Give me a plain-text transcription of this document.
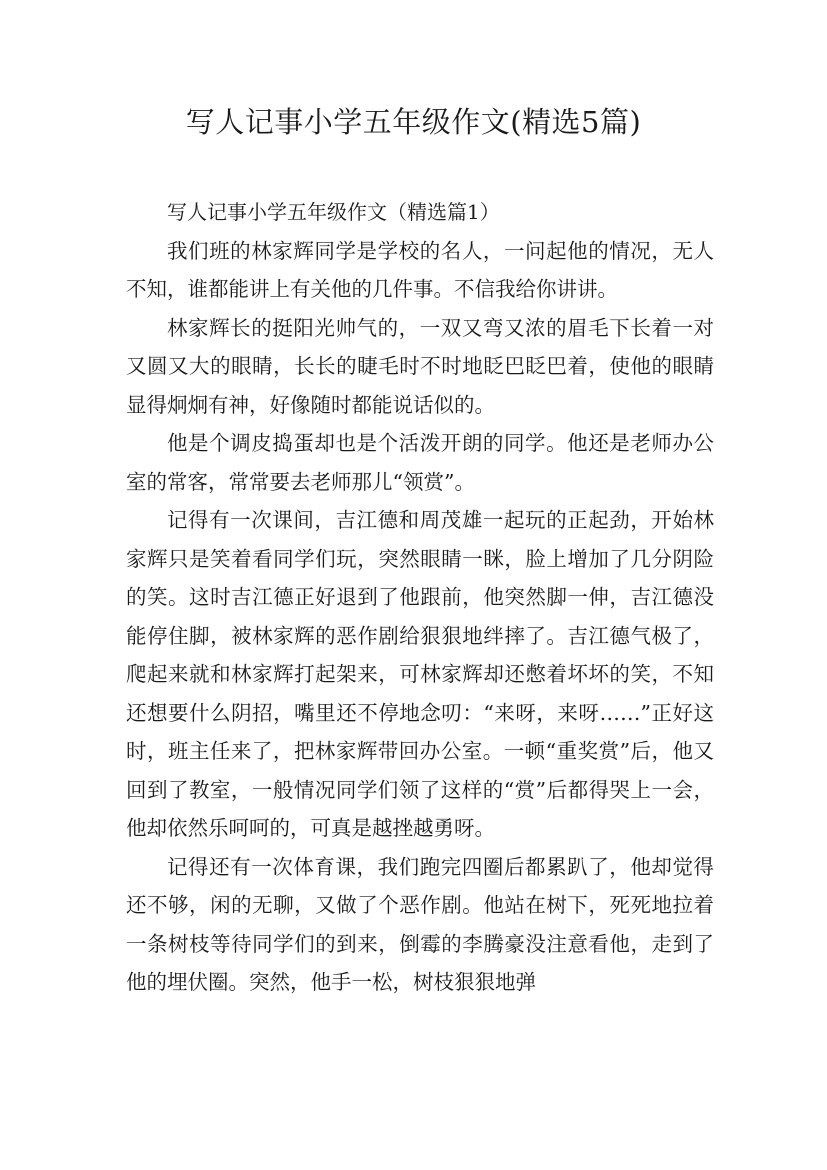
写人记事小学五年级作文(精选5篇)
写人记事小学五年级作文（精选篇1）

我们班的林家辉同学是学校的名人，一问起他的情况，无人不知，谁都能讲上有关他的几件事。不信我给你讲讲。

林家辉长的挺阳光帅气的，一双又弯又浓的眉毛下长着一对又圆又大的眼睛，长长的睫毛时不时地眨巴眨巴着，使他的眼睛显得炯炯有神，好像随时都能说话似的。

他是个调皮捣蛋却也是个活泼开朗的同学。他还是老师办公室的常客，常常要去老师那儿“领赏”。

记得有一次课间，吉江德和周茂雄一起玩的正起劲，开始林家辉只是笑着看同学们玩，突然眼睛一眯，脸上增加了几分阴险的笑。这时吉江德正好退到了他跟前，他突然脚一伸，吉江德没能停住脚，被林家辉的恶作剧给狠狠地绊摔了。吉江德气极了，爬起来就和林家辉打起架来，可林家辉却还憋着坏坏的笑，不知还想要什么阴招，嘴里还不停地念叨：“来呀，来呀……”正好这时，班主任来了，把林家辉带回办公室。一顿“重奖赏”后，他又回到了教室，一般情况同学们领了这样的“赏”后都得哭上一会，他却依然乐呵呵的，可真是越挫越勇呀。

记得还有一次体育课，我们跑完四圈后都累趴了，他却觉得还不够，闲的无聊，又做了个恶作剧。他站在树下，死死地拉着一条树枝等待同学们的到来，倒霉的李腾豪没注意看他，走到了他的埋伏圈。突然，他手一松，树枝狠狠地弹
